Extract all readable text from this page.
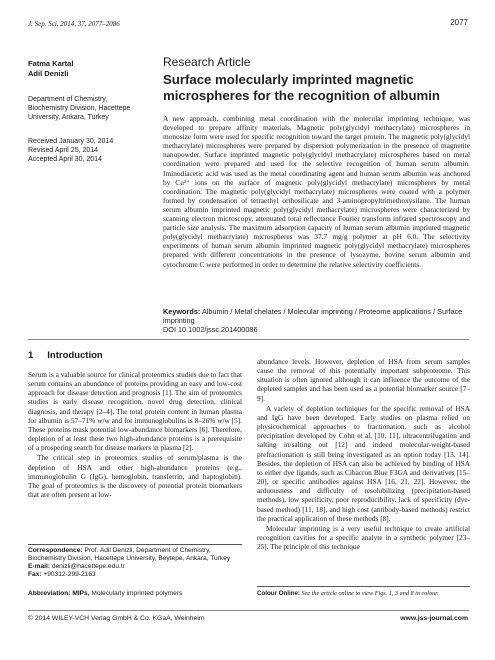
J. Sep. Sci. 2014, 37, 2077–2086	2077
Fatma Kartal
Adil Denizli
Department of Chemistry, Biochemistry Division, Hacettepe University, Ankara, Turkey
Received January 30, 2014
Revised April 25, 2014
Accepted April 30, 2014
Research Article
Surface molecularly imprinted magnetic microspheres for the recognition of albumin

A new approach, combining metal coordination with the molecular imprinting technique, was developed to prepare affinity materials. Magnetic poly(glycidyl methacrylate) microspheres in monosize form were used for specific recognition toward the target protein. The magnetic poly(glycidyl methacrylate) microspheres were prepared by dispersion polymerization in the presence of magnetite nanopowder. Surface imprinted magnetic poly(glycidyl methacrylate) microspheres based on metal coordination were prepared and used for the selective recognition of human serum albumin. Iminodiacetic acid was used as the metal coordinating agent and human serum albumin was anchored by Cu²⁺ ions on the surface of magnetic poly(glycidyl methacrylate) microspheres by metal coordination. The magnetic poly(glycidyl methacrylate) microspheres were coated with a polymer formed by condensation of tetraethyl orthosilicate and 3-aminopropyltrimethoxysilane. The human serum albumin imprinted magnetic poly(glycidyl methacrylate) microspheres were characterized by scanning electron microscopy, attenuated total reflectance Fourier transform infrared spectroscopy and particle size analysis. The maximum adsorption capacity of human serum albumin imprinted magnetic poly(glycidyl methacrylate) microspheres was 37.7 mg/g polymer at pH 6.0. The selectivity experiments of human serum albumin imprinted magnetic poly(glycidyl methacrylate) microspheres prepared with different concentrations in the presence of lysozyme, bovine serum albumin and cytochrome C were performed in order to determine the relative selectivity coefficients.

Keywords: Albumin / Metal chelates / Molecular imprinting / Proteome applications / Surface imprinting
DOI 10.1002/jssc.201400086
1 Introduction

Serum is a valuable source for clinical proteomics studies due to fact that serum contains an abundance of proteins providing an easy and low-cost approach for disease detection and prognosis [1]. The aim of proteomics studies is early disease recognition, novel drug detection, clinical diagnosis, and therapy [2–4]. The total protein content in human plasma for albumin is 57–71% w/w and for immunoglobulins is 8–26% w/w [5]. These proteins mask potential low-abundance biomarkers [6]. Therefore, depletion of at least these two high-abundance proteins is a prerequisite of a prospering search for disease markers in plasma [2].

The critical step in proteomics studies of serum/plasma is the depletion of HSA and other high-abundance proteins (e.g., immunoglobulin G (IgG), hemoglobin, transferrin, and haptoglobin). The goal of proteomics is the discovery of potential protein biomarkers that are often present at low-

abundance levels. However, depletion of HSA from serum samples cause the removal of this potentially important subproteome. This situation is often ignored although it can influence the outcome of the depleted samples and has been used as a potential biomarker source [7–9].

A variety of depletion techniques for the specific removal of HSA and IgG have been developed. Early studies on plasma relied on physicochemical approaches to fractionation, such as alcohol precipitation developed by Cohn et al. [10, 11], ultracentrifugation and salting in/salting out [12] and indeed molecular-weight-based prefractionation is still being investigated as an option today [13, 14]. Besides, the depletion of HSA can also be achieved by binding of HSA to either dye ligands, such as Cibacron Blue F3GA and derivatives [15–20], or specific antibodies against HSA [16, 21, 22]. However, the arduousness and difficulty of resolubilizing (precipitation-based methods), low specificity, poor reproducibility, lack of specificity (dye-based method) [11, 18], and high cost (antibody-based methods) restrict the practical application of these methods [8].

Molecular imprinting is a very useful technique to create artificial recognition cavities for a specific analyte in a synthetic polymer [23–25]. The principle of this technique

Correspondence: Prof. Adil Denizli, Department of Chemistry, Biochemistry Division, Hacettepe University, Beytepe, Ankara, Turkey
E-mail: denizli@hacettepe.edu.tr
Fax: +90312-299-2163
Abbreviation: MIPs, Molecularly imprinted polymers	Colour Online: See the article online to view Figs. 1, 3 and 8 in colour.
© 2014 WILEY-VCH Verlag GmbH & Co. KGaA, Weinheim	www.jss-journal.com
